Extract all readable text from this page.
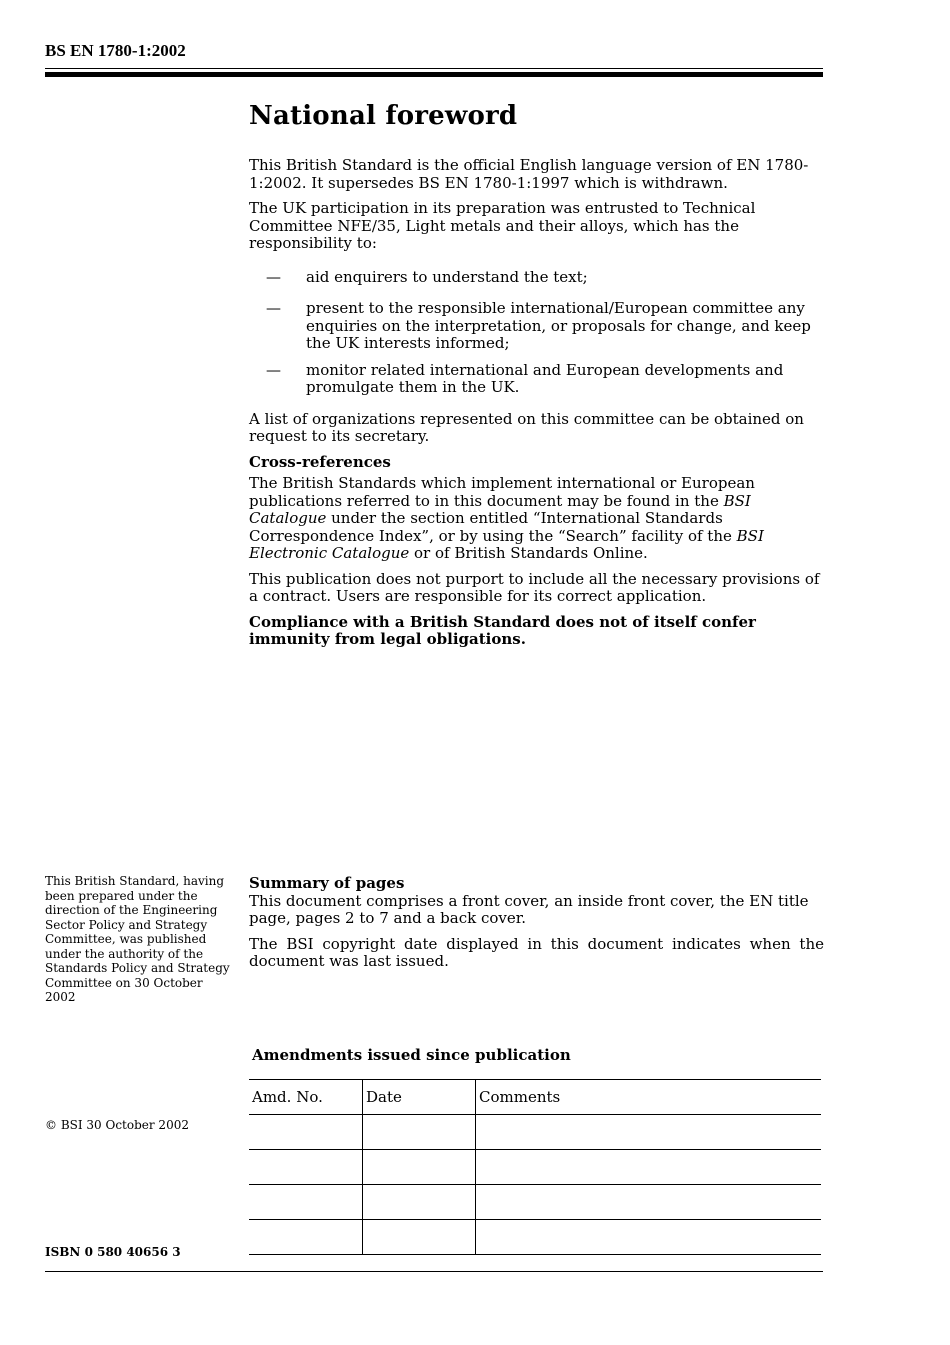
BS EN 1780-1:2002
National foreword

This British Standard is the official English language version of EN 1780-1:2002. It supersedes BS EN 1780-1:1997 which is withdrawn.

The UK participation in its preparation was entrusted to Technical Committee NFE/35, Light metals and their alloys, which has the responsibility to:

— aid enquirers to understand the text;
— present to the responsible international/European committee any enquiries on the interpretation, or proposals for change, and keep the UK interests informed;
— monitor related international and European developments and promulgate them in the UK.

A list of organizations represented on this committee can be obtained on request to its secretary.

Cross-references

The British Standards which implement international or European publications referred to in this document may be found in the BSI Catalogue under the section entitled “International Standards Correspondence Index”, or by using the “Search” facility of the BSI Electronic Catalogue or of British Standards Online.

This publication does not purport to include all the necessary provisions of a contract. Users are responsible for its correct application.

Compliance with a British Standard does not of itself confer immunity from legal obligations.

This British Standard, having been prepared under the direction of the Engineering Sector Policy and Strategy Committee, was published under the authority of the Standards Policy and Strategy Committee on 30 October 2002
Summary of pages

This document comprises a front cover, an inside front cover, the EN title page, pages 2 to 7 and a back cover.

The BSI copyright date displayed in this document indicates when the document was last issued.

Amendments issued since publication
Amd. No.	Date	Comments

© BSI 30 October 2002
ISBN 0 580 40656 3
